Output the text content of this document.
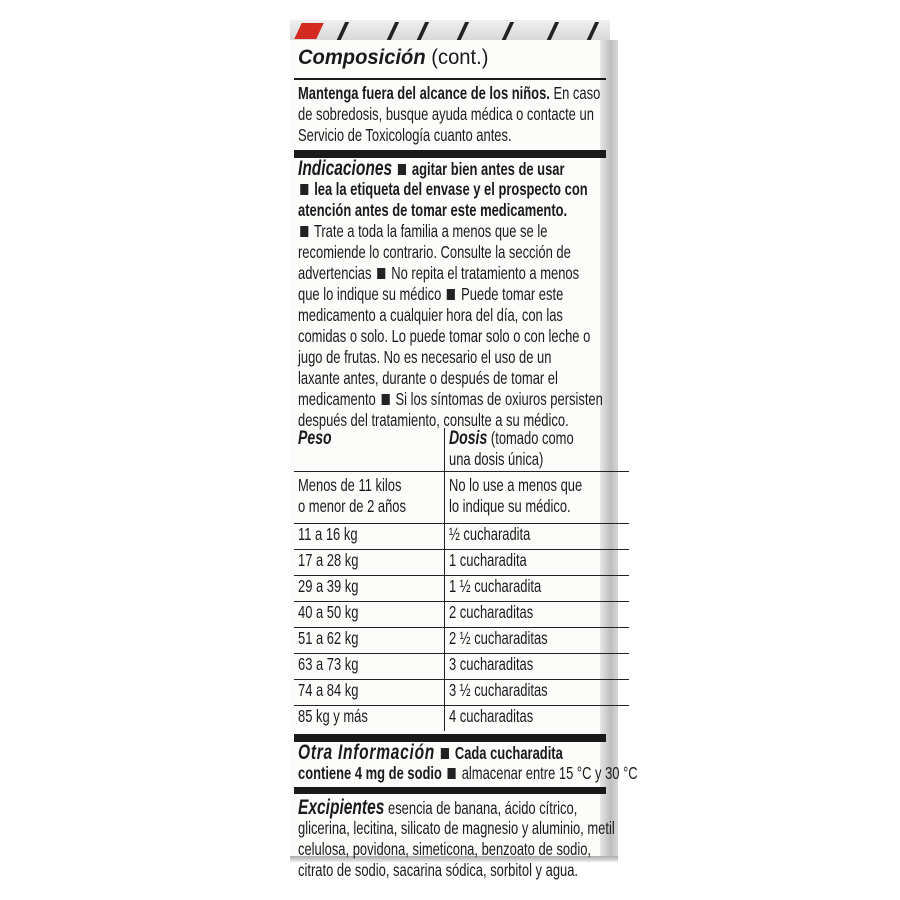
Composición (cont.)
Mantenga fuera del alcance de los niños. En caso
de sobredosis, busque ayuda médica o contacte un
Servicio de Toxicología cuanto antes.
Indicaciones agitar bien antes de usar
lea la etiqueta del envase y el prospecto con
atención antes de tomar este medicamento.
Trate a toda la familia a menos que se le
recomiende lo contrario. Consulte la sección de
advertencias No repita el tratamiento a menos
que lo indique su médico Puede tomar este
medicamento a cualquier hora del día, con las
comidas o solo. Lo puede tomar solo o con leche o
jugo de frutas. No es necesario el uso de un
laxante antes, durante o después de tomar el
medicamento Si los síntomas de oxiuros persisten
después del tratamiento, consulte a su médico.
Peso	Dosis (tomado como
una dosis única)

Menos de 11 kilos
o menor de 2 años	No lo use a menos que
lo indique su médico.

11 a 16 kg	½ cucharadita

17 a 28 kg	1 cucharadita

29 a 39 kg	1 ½ cucharadita

40 a 50 kg	2 cucharaditas

51 a 62 kg	2 ½ cucharaditas

63 a 73 kg	3 cucharaditas

74 a 84 kg	3 ½ cucharaditas

85 kg y más	4 cucharaditas
Otra Información Cada cucharadita
contiene 4 mg de sodio almacenar entre 15 °C y 30 °C
Excipientes esencia de banana, ácido cítrico,
glicerina, lecitina, silicato de magnesio y aluminio, metil
celulosa, povidona, simeticona, benzoato de sodio,
citrato de sodio, sacarina sódica, sorbitol y agua.
